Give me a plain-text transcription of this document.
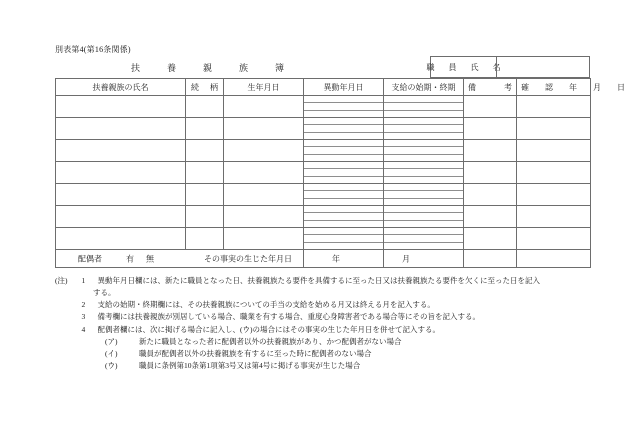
別表第4(第16条関係)
扶　養　親　族　簿	職　員　氏　名
扶養親族の氏名	続 柄	生年月日	異動年月日	支給の始期・終期	備 考	確　認　年　月　日

配偶者 有 無 その事実の生じた年月日			年	月		

(注) 1	異動年月日欄には、新たに職員となった日、扶養親族たる要件を具備するに至った日又は扶養親族たる要件を欠くに至った日を記入
する。
2	支給の始期・終期欄には、その扶養親族についての手当の支給を始める月又は終える月を記入する。
3	備考欄には扶養親族が別居している場合、職業を有する場合、重度心身障害者である場合等にその旨を記入する。
4	配偶者欄には、次に掲げる場合に記入し、(ウ)の場合にはその事実の生じた年月日を併せて記入する。
(ア)	新たに職員となった者に配偶者以外の扶養親族があり、かつ配偶者がない場合
(イ)	職員が配偶者以外の扶養親族を有するに至った時に配偶者のない場合
(ウ)	職員に条例第10条第1項第3号又は第4号に掲げる事実が生じた場合
